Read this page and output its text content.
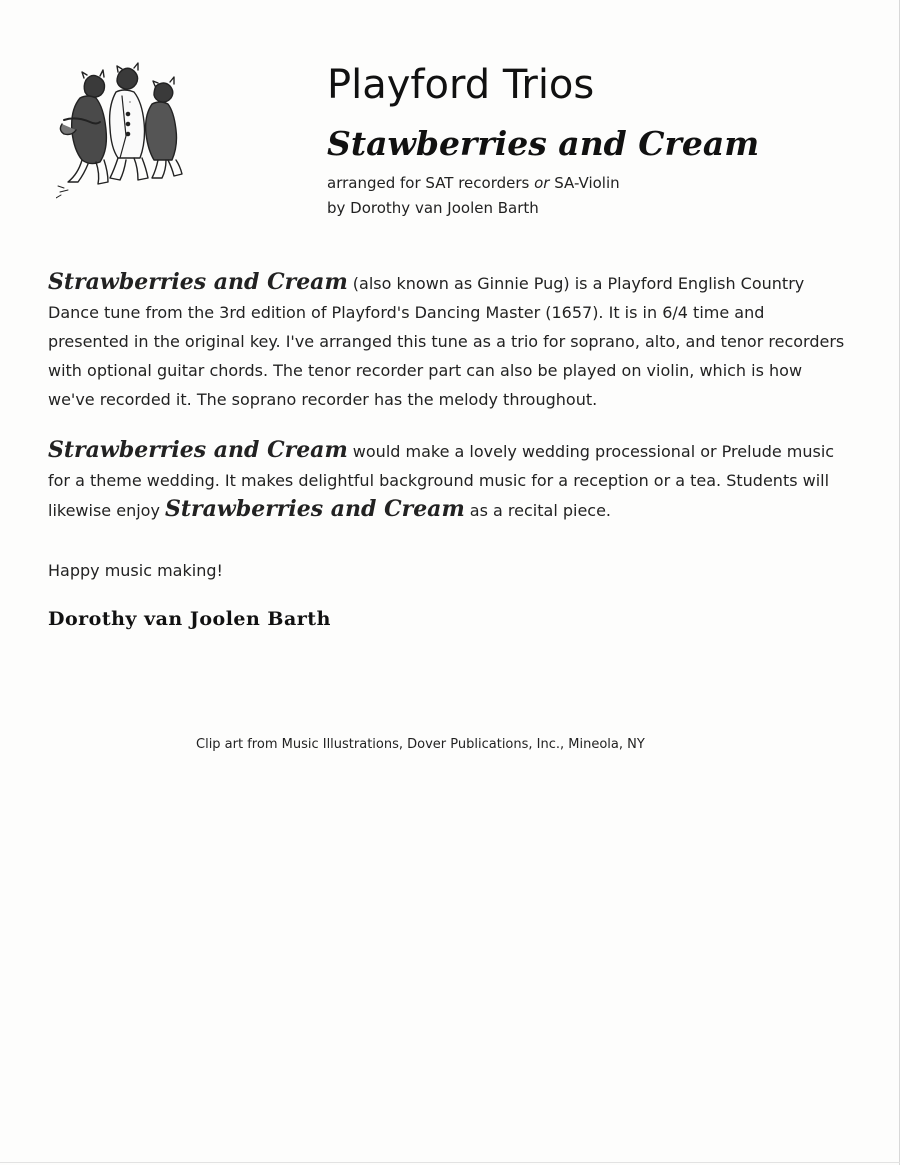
Playford Trios
Stawberries and Cream
arranged for SAT recorders or SA-Violin
by Dorothy van Joolen Barth

Strawberries and Cream (also known as Ginnie Pug) is a Playford English Country Dance tune from the 3rd edition of Playford's Dancing Master (1657). It is in 6/4 time and presented in the original key. I've arranged this tune as a trio for soprano, alto, and tenor recorders with optional guitar chords. The tenor recorder part can also be played on violin, which is how we've recorded it. The soprano recorder has the melody throughout.

Strawberries and Cream would make a lovely wedding processional or Prelude music for a theme wedding. It makes delightful background music for a reception or a tea. Students will likewise enjoy Strawberries and Cream as a recital piece.

Happy music making!

Dorothy van Joolen Barth
Clip art from Music Illustrations, Dover Publications, Inc., Mineola, NY
